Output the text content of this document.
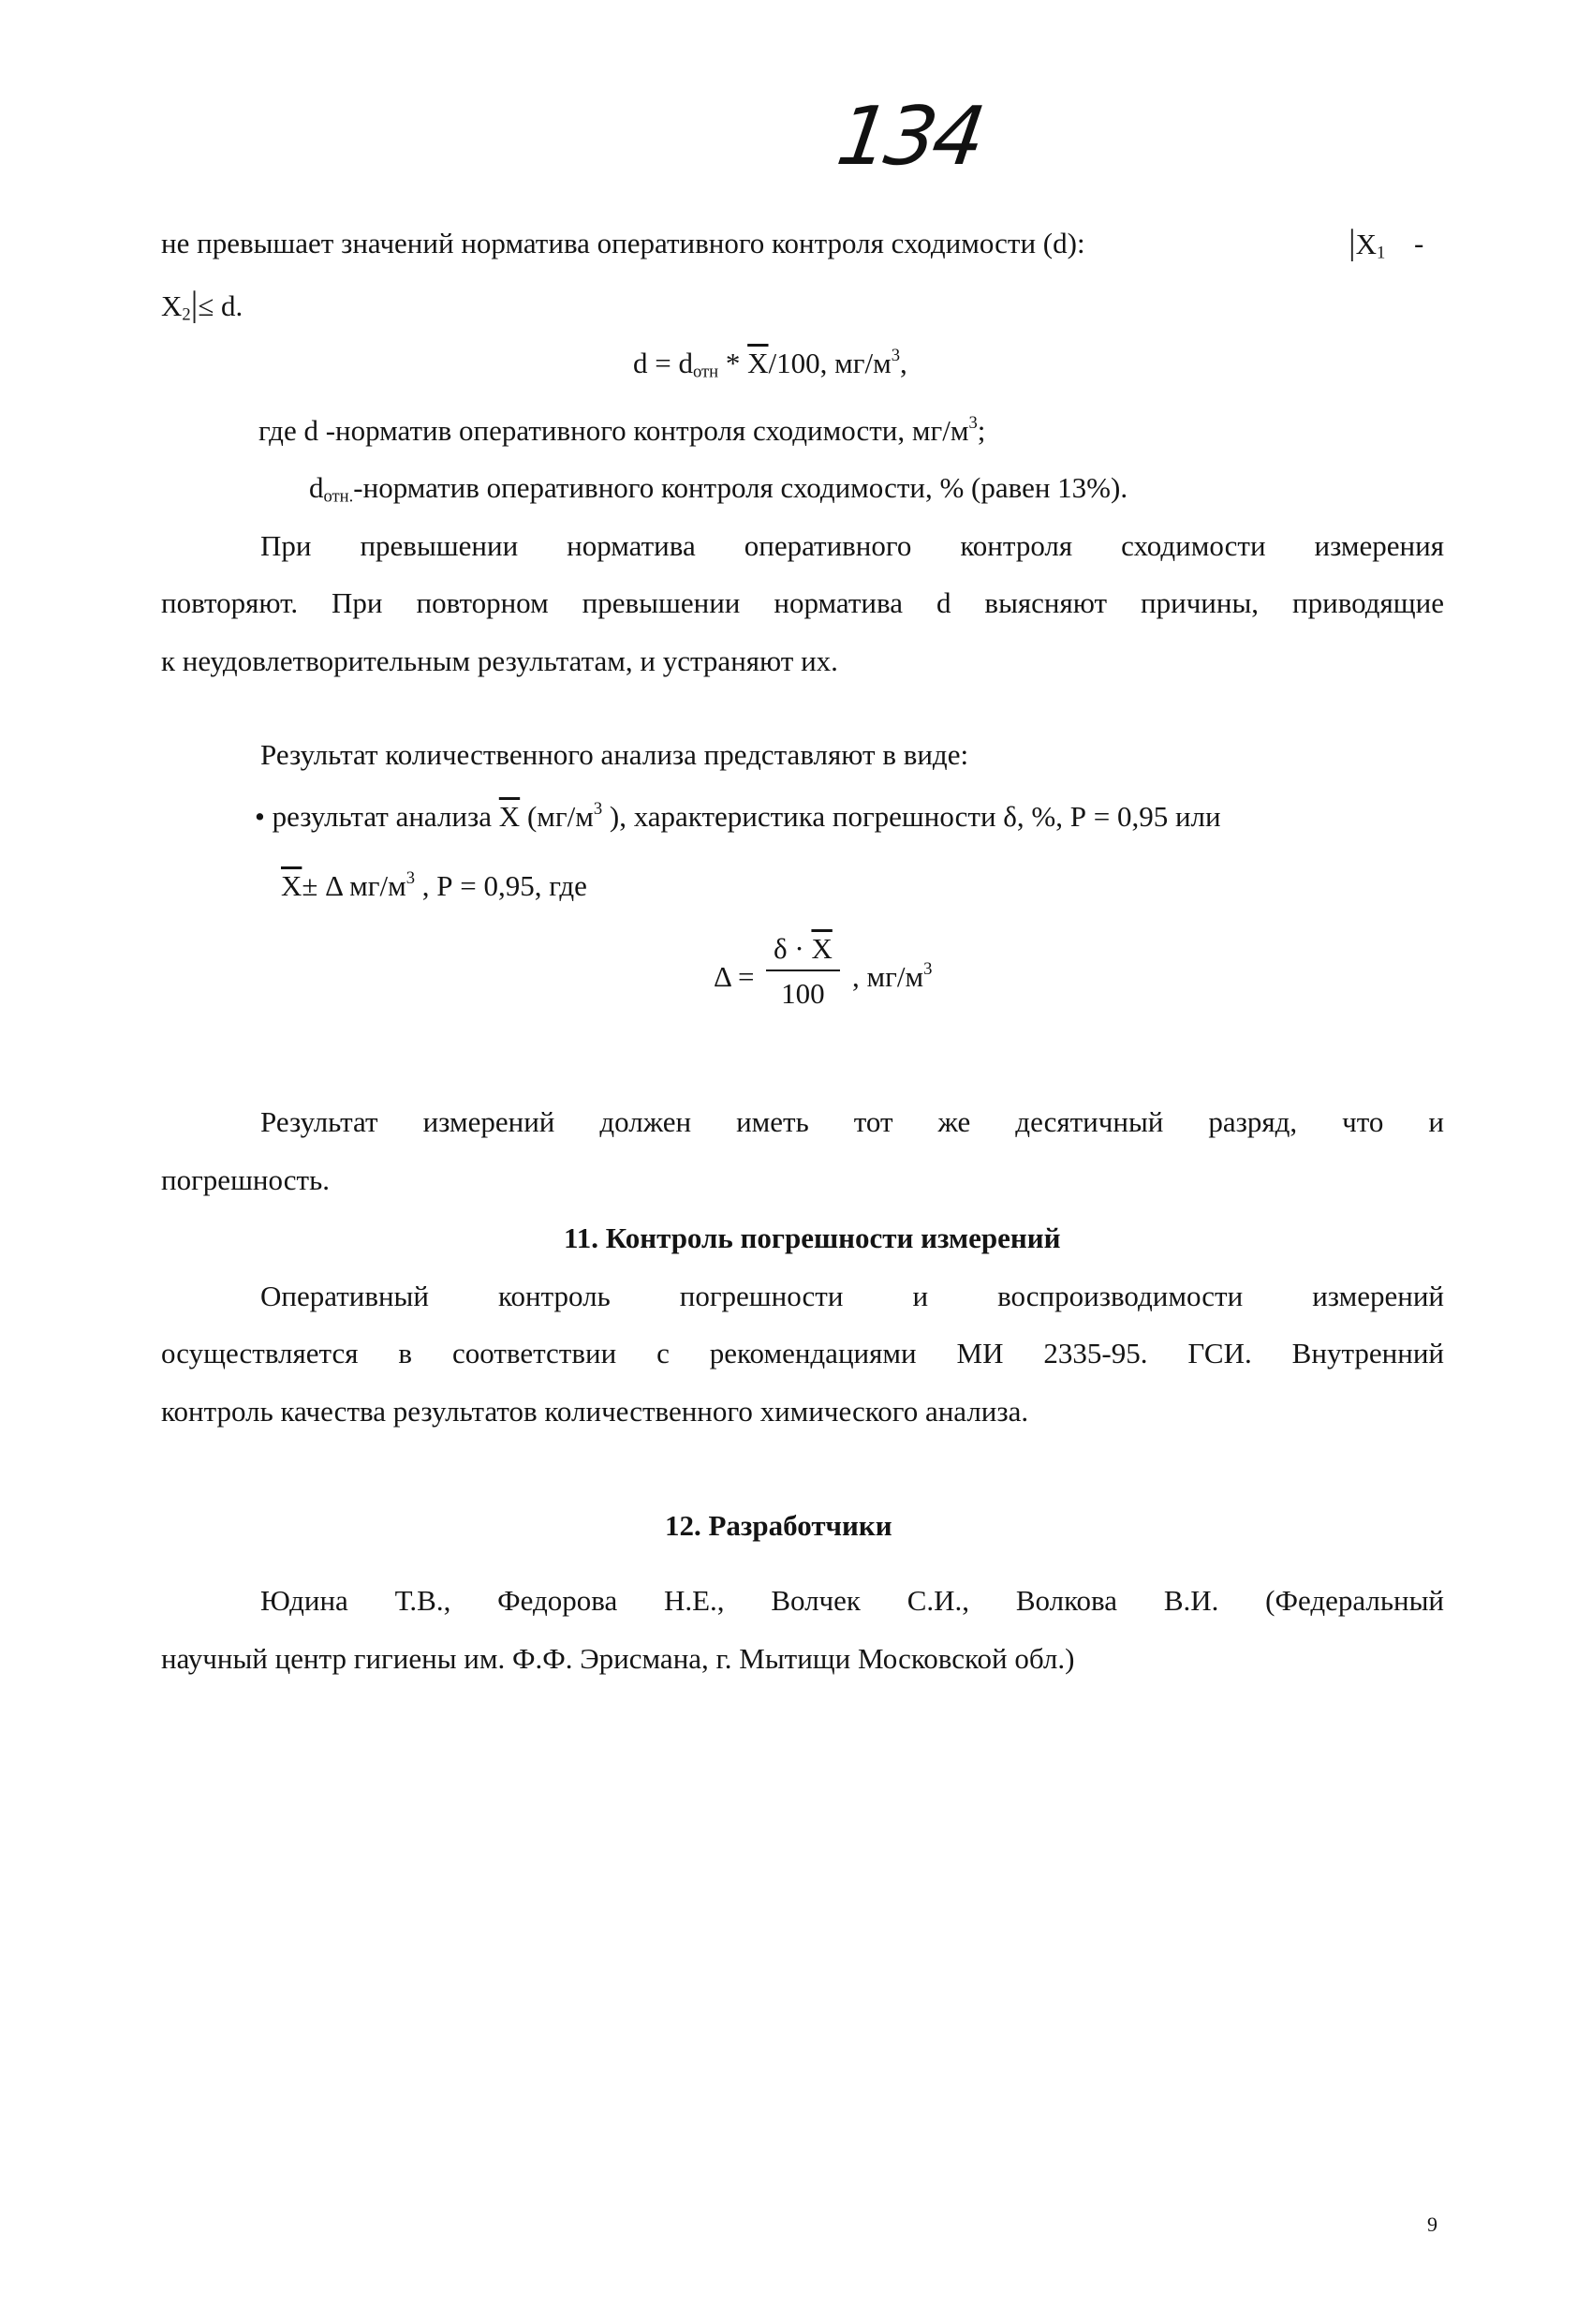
134
не превышает значений норматива оперативного контроля сходимости (d):	$|X_1$ -
$X_2|\le d$.
$d = d_{отн} * \overline{X}/100$, $мг/м^3$,
где d -норматив оперативного контроля сходимости, $мг/м^3$;
$d_{отн.}$-норматив оперативного контроля сходимости, % (равен 13%).
При превышении норматива оперативного контроля сходимости измерения
повторяют. При повторном превышении норматива d выясняют причины, приводящие
к неудовлетворительным результатам, и устраняют их.
Результат количественного анализа представляют в виде:
• результат анализа $\overline{X}$ ($мг/м^3$ ), характеристика погрешности δ, %, Р = 0,95 или
$\overline{X}\pm \Delta$ $мг/м^3$ , Р = 0,95, где
$\Delta = \frac{\delta \cdot \overline{X}}{100}$ , $мг/м^3$
Результат измерений должен иметь тот же десятичный разряд, что и
погрешность.
11. Контроль погрешности измерений
Оперативный контроль погрешности и воспроизводимости измерений
осуществляется в соответствии с рекомендациями МИ 2335-95. ГСИ. Внутренний
контроль качества результатов количественного химического анализа.
12. Разработчики
Юдина Т.В., Федорова Н.Е., Волчек С.И., Волкова В.И. (Федеральный
научный центр гигиены им. Ф.Ф. Эрисмана, г. Мытищи Московской обл.)
9
